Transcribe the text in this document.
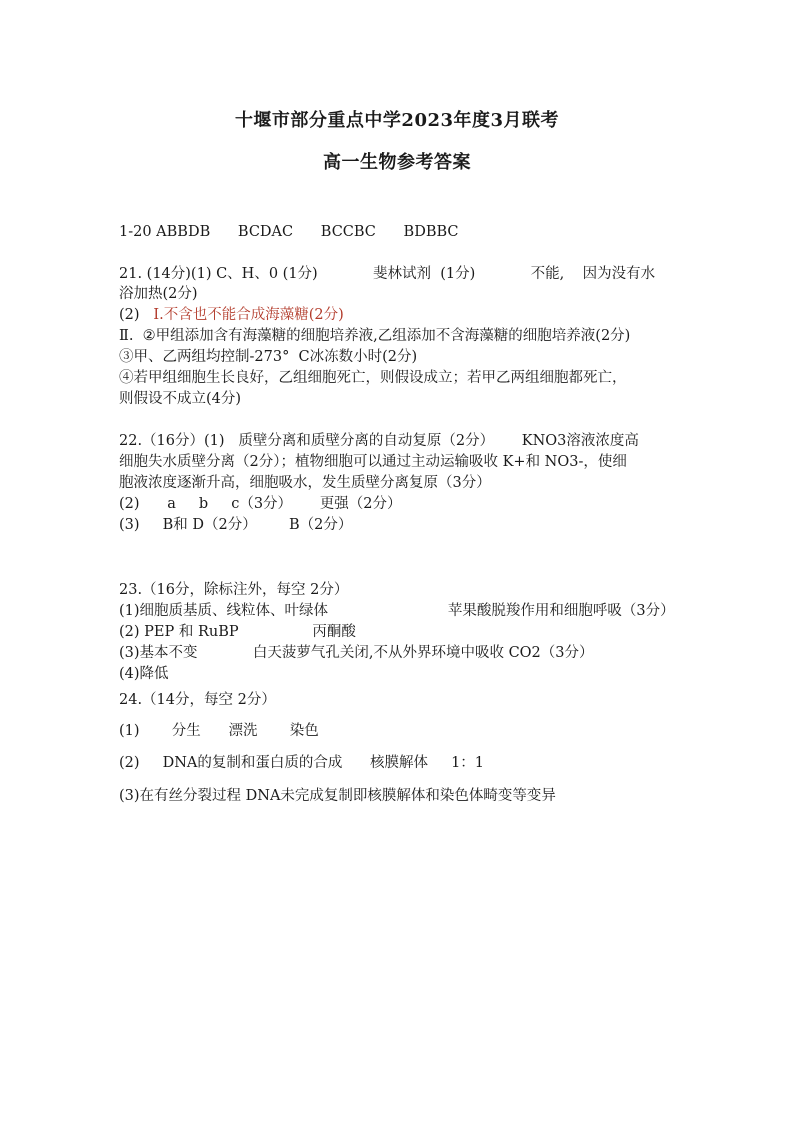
十堰市部分重点中学2023年度3月联考
高一生物参考答案
1-20 ABBDB      BCDAC      BCCBC      BDBBC
21. (14分)(1) C、H、0 (1分)            斐林试剂  (1分)            不能,    因为没有水
浴加热(2分)
(2)   Ⅰ.不含也不能合成海藻糖(2分)
Ⅱ.  ②甲组添加含有海藻糖的细胞培养液,乙组添加不含海藻糖的细胞培养液(2分)
③甲、乙两组均控制-273°  C冰冻数小时(2分)
④若甲组细胞生长良好，乙组细胞死亡，则假设成立；若甲乙两组细胞都死亡，
则假设不成立(4分)
22.（16分）(1)   质壁分离和质壁分离的自动复原（2分）      KNO3溶液浓度高
细胞失水质壁分离（2分）；植物细胞可以通过主动运输吸收 K+和 NO3-，使细
胞液浓度逐渐升高，细胞吸水，发生质壁分离复原（3分）
(2)      a     b     c（3分）      更强（2分）
(3)     B和 D（2分）       B（2分）
23.（16分，除标注外，每空 2分）
(1)细胞质基质、线粒体、叶绿体                          苹果酸脱羧作用和细胞呼吸（3分）
(2) PEP 和 RuBP                丙酮酸
(3)基本不变            白天菠萝气孔关闭,不从外界环境中吸收 CO2（3分）
(4)降低
24.（14分，每空 2分）
(1)       分生      漂洗       染色
(2)     DNA的复制和蛋白质的合成      核膜解体     1：1
(3)在有丝分裂过程 DNA未完成复制即核膜解体和染色体畸变等变异
